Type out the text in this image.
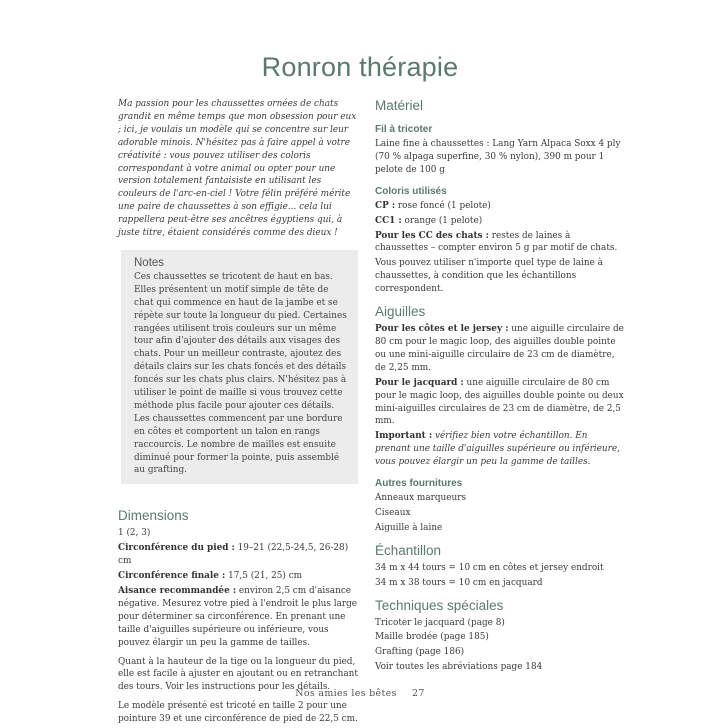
Ronron thérapie

Ma passion pour les chaussettes ornées de chats grandit en même temps que mon obsession pour eux ; ici, je voulais un modèle qui se concentre sur leur adorable minois. N'hésitez pas à faire appel à votre créativité : vous pouvez utiliser des coloris correspondant à votre animal ou opter pour une version totalement fantaisiste en utilisant les couleurs de l'arc-en-ciel ! Votre félin préféré mérite une paire de chaussettes à son effigie... cela lui rappellera peut-être ses ancêtres égyptiens qui, à juste titre, étaient considérés comme des dieux !

Notes

Ces chaussettes se tricotent de haut en bas. Elles présentent un motif simple de tête de chat qui commence en haut de la jambe et se répète sur toute la longueur du pied. Certaines rangées utilisent trois couleurs sur un même tour afin d'ajouter des détails aux visages des chats. Pour un meilleur contraste, ajoutez des détails clairs sur les chats foncés et des détails foncés sur les chats plus clairs. N'hésitez pas à utiliser le point de maille si vous trouvez cette méthode plus facile pour ajouter ces détails. Les chaussettes commencent par une bordure en côtes et comportent un talon en rangs raccourcis. Le nombre de mailles est ensuite diminué pour former la pointe, puis assemblé au grafting.

Dimensions

1 (2, 3)

Circonférence du pied : 19–21 (22,5-24,5, 26-28) cm

Circonférence finale : 17,5 (21, 25) cm

Aisance recommandée : environ 2,5 cm d'aisance négative. Mesurez votre pied à l'endroit le plus large pour déterminer sa circonférence. En prenant une taille d'aiguilles supérieure ou inférieure, vous pouvez élargir un peu la gamme de tailles.

Quant à la hauteur de la tige ou la longueur du pied, elle est facile à ajuster en ajoutant ou en retranchant des tours. Voir les instructions pour les détails.

Le modèle présenté est tricoté en taille 2 pour une pointure 39 et une circonférence de pied de 22,5 cm.

Matériel
Fil à tricoter

Laine fine à chaussettes : Lang Yarn Alpaca Soxx 4 ply (70 % alpaga superfine, 30 % nylon), 390 m pour 1 pelote de 100 g

Coloris utilisés

CP : rose foncé (1 pelote)

CC1 : orange (1 pelote)

Pour les CC des chats : restes de laines à chaussettes – compter environ 5 g par motif de chats.

Vous pouvez utiliser n'importe quel type de laine à chaussettes, à condition que les échantillons correspondent.

Aiguilles

Pour les côtes et le jersey : une aiguille circulaire de 80 cm pour le magic loop, des aiguilles double pointe ou une mini-aiguille circulaire de 23 cm de diamètre, de 2,25 mm.

Pour le jacquard : une aiguille circulaire de 80 cm pour le magic loop, des aiguilles double pointe ou deux mini-aiguilles circulaires de 23 cm de diamètre, de 2,5 mm.

Important : vérifiez bien votre échantillon. En prenant une taille d'aiguilles supérieure ou inférieure, vous pouvez élargir un peu la gamme de tailles.

Autres fournitures

Anneaux marqueurs

Ciseaux

Aiguille à laine

Échantillon

34 m x 44 tours = 10 cm en côtes et jersey endroit

34 m x 38 tours = 10 cm en jacquard

Techniques spéciales

Tricoter le jacquard (page 8)

Maille brodée (page 185)

Grafting (page 186)

Voir toutes les abréviations page 184

Nos amies les bêtes 27
